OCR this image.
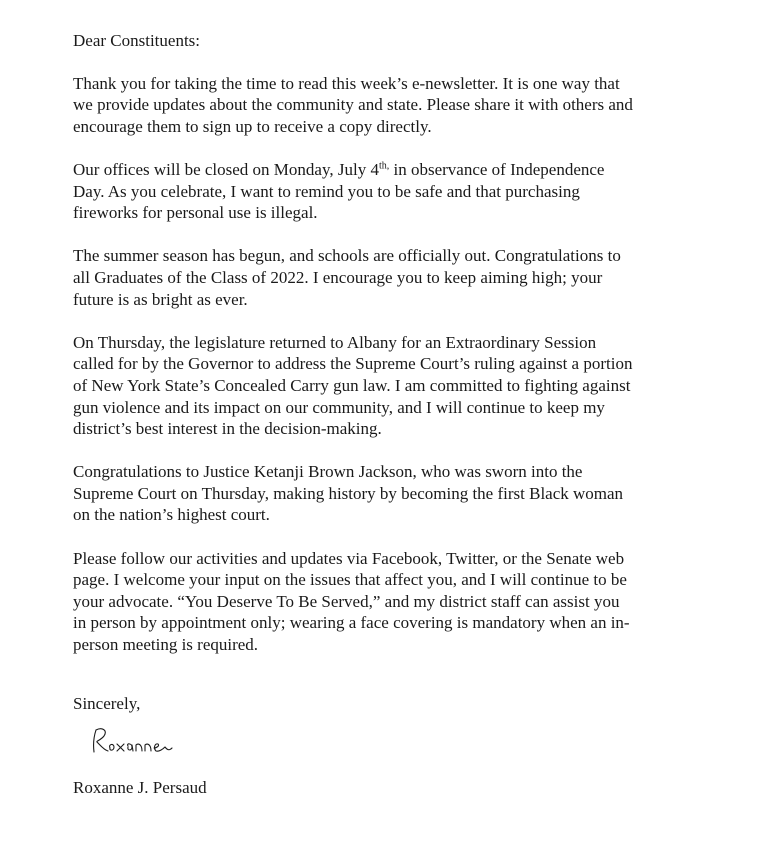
Dear Constituents:
Thank you for taking the time to read this week’s e-newsletter. It is one way that
we provide updates about the community and state. Please share it with others and
encourage them to sign up to receive a copy directly.
Our offices will be closed on Monday, July $4^{th,}$ in observance of Independence
Day. As you celebrate, I want to remind you to be safe and that purchasing
fireworks for personal use is illegal.
The summer season has begun, and schools are officially out. Congratulations to
all Graduates of the Class of 2022. I encourage you to keep aiming high; your
future is as bright as ever.
On Thursday, the legislature returned to Albany for an Extraordinary Session
called for by the Governor to address the Supreme Court’s ruling against a portion
of New York State’s Concealed Carry gun law. I am committed to fighting against
gun violence and its impact on our community, and I will continue to keep my
district’s best interest in the decision-making.
Congratulations to Justice Ketanji Brown Jackson, who was sworn into the
Supreme Court on Thursday, making history by becoming the first Black woman
on the nation’s highest court.
Please follow our activities and updates via Facebook, Twitter, or the Senate web
page. I welcome your input on the issues that affect you, and I will continue to be
your advocate. “You Deserve To Be Served,” and my district staff can assist you
in person by appointment only; wearing a face covering is mandatory when an in-
person meeting is required.
Sincerely,
Roxanne J. Persaud
